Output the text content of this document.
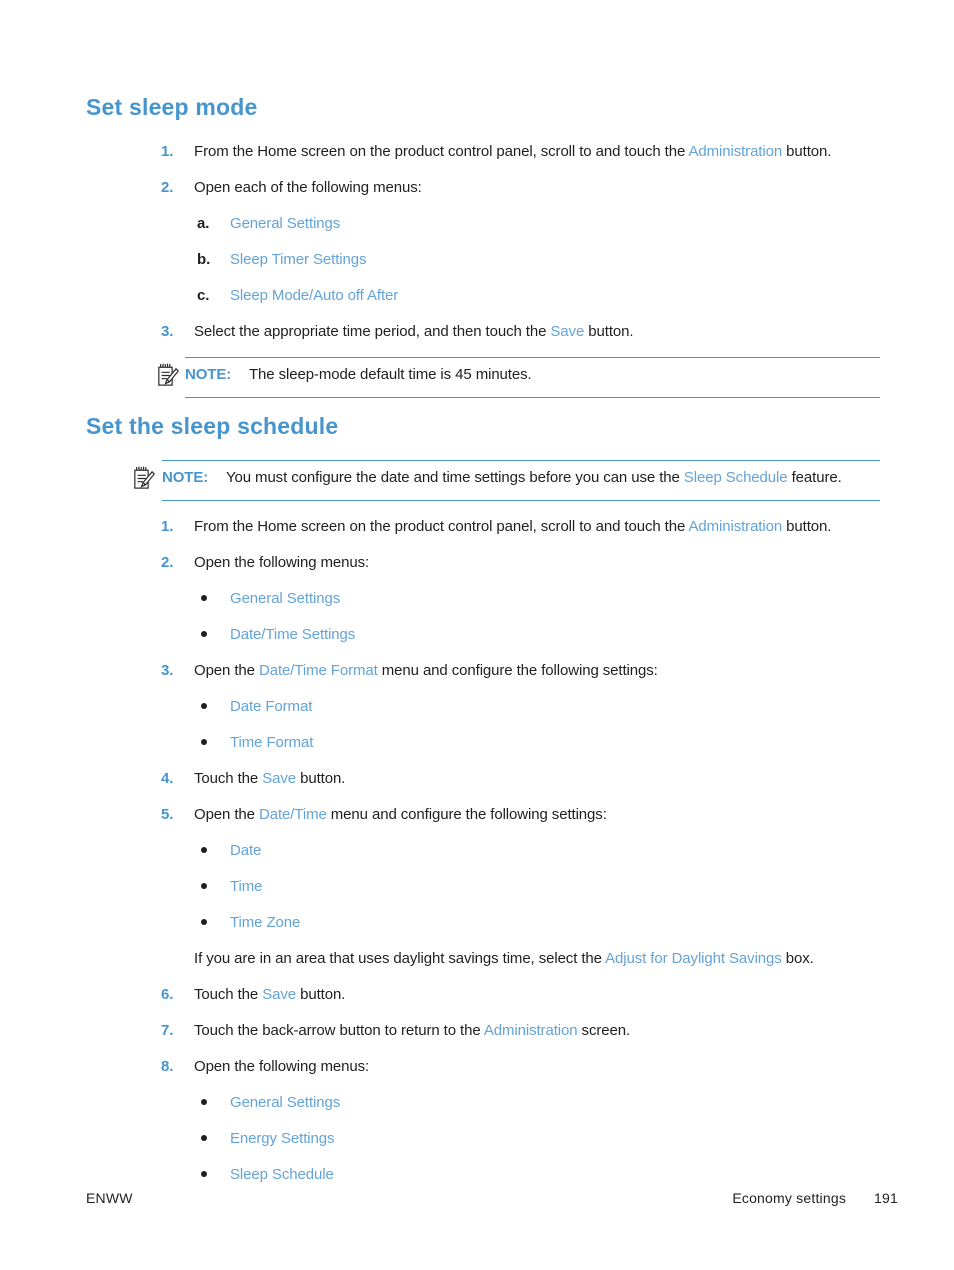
Set sleep mode
1.	From the Home screen on the product control panel, scroll to and touch the Administration button.
2.	Open each of the following menus:
a.	General Settings
b.	Sleep Timer Settings
c.	Sleep Mode/Auto off After
3.	Select the appropriate time period, and then touch the Save button.
NOTE: The sleep-mode default time is 45 minutes.
Set the sleep schedule
NOTE: You must configure the date and time settings before you can use the Sleep Schedule feature.
1.	From the Home screen on the product control panel, scroll to and touch the Administration button.
2.	Open the following menus:
General Settings
Date/Time Settings
3.	Open the Date/Time Format menu and configure the following settings:
Date Format
Time Format
4.	Touch the Save button.
5.	Open the Date/Time menu and configure the following settings:
Date
Time
Time Zone
If you are in an area that uses daylight savings time, select the Adjust for Daylight Savings box.
6.	Touch the Save button.
7.	Touch the back-arrow button to return to the Administration screen.
8.	Open the following menus:
General Settings
Energy Settings
Sleep Schedule
ENWW	Economy settings 191
